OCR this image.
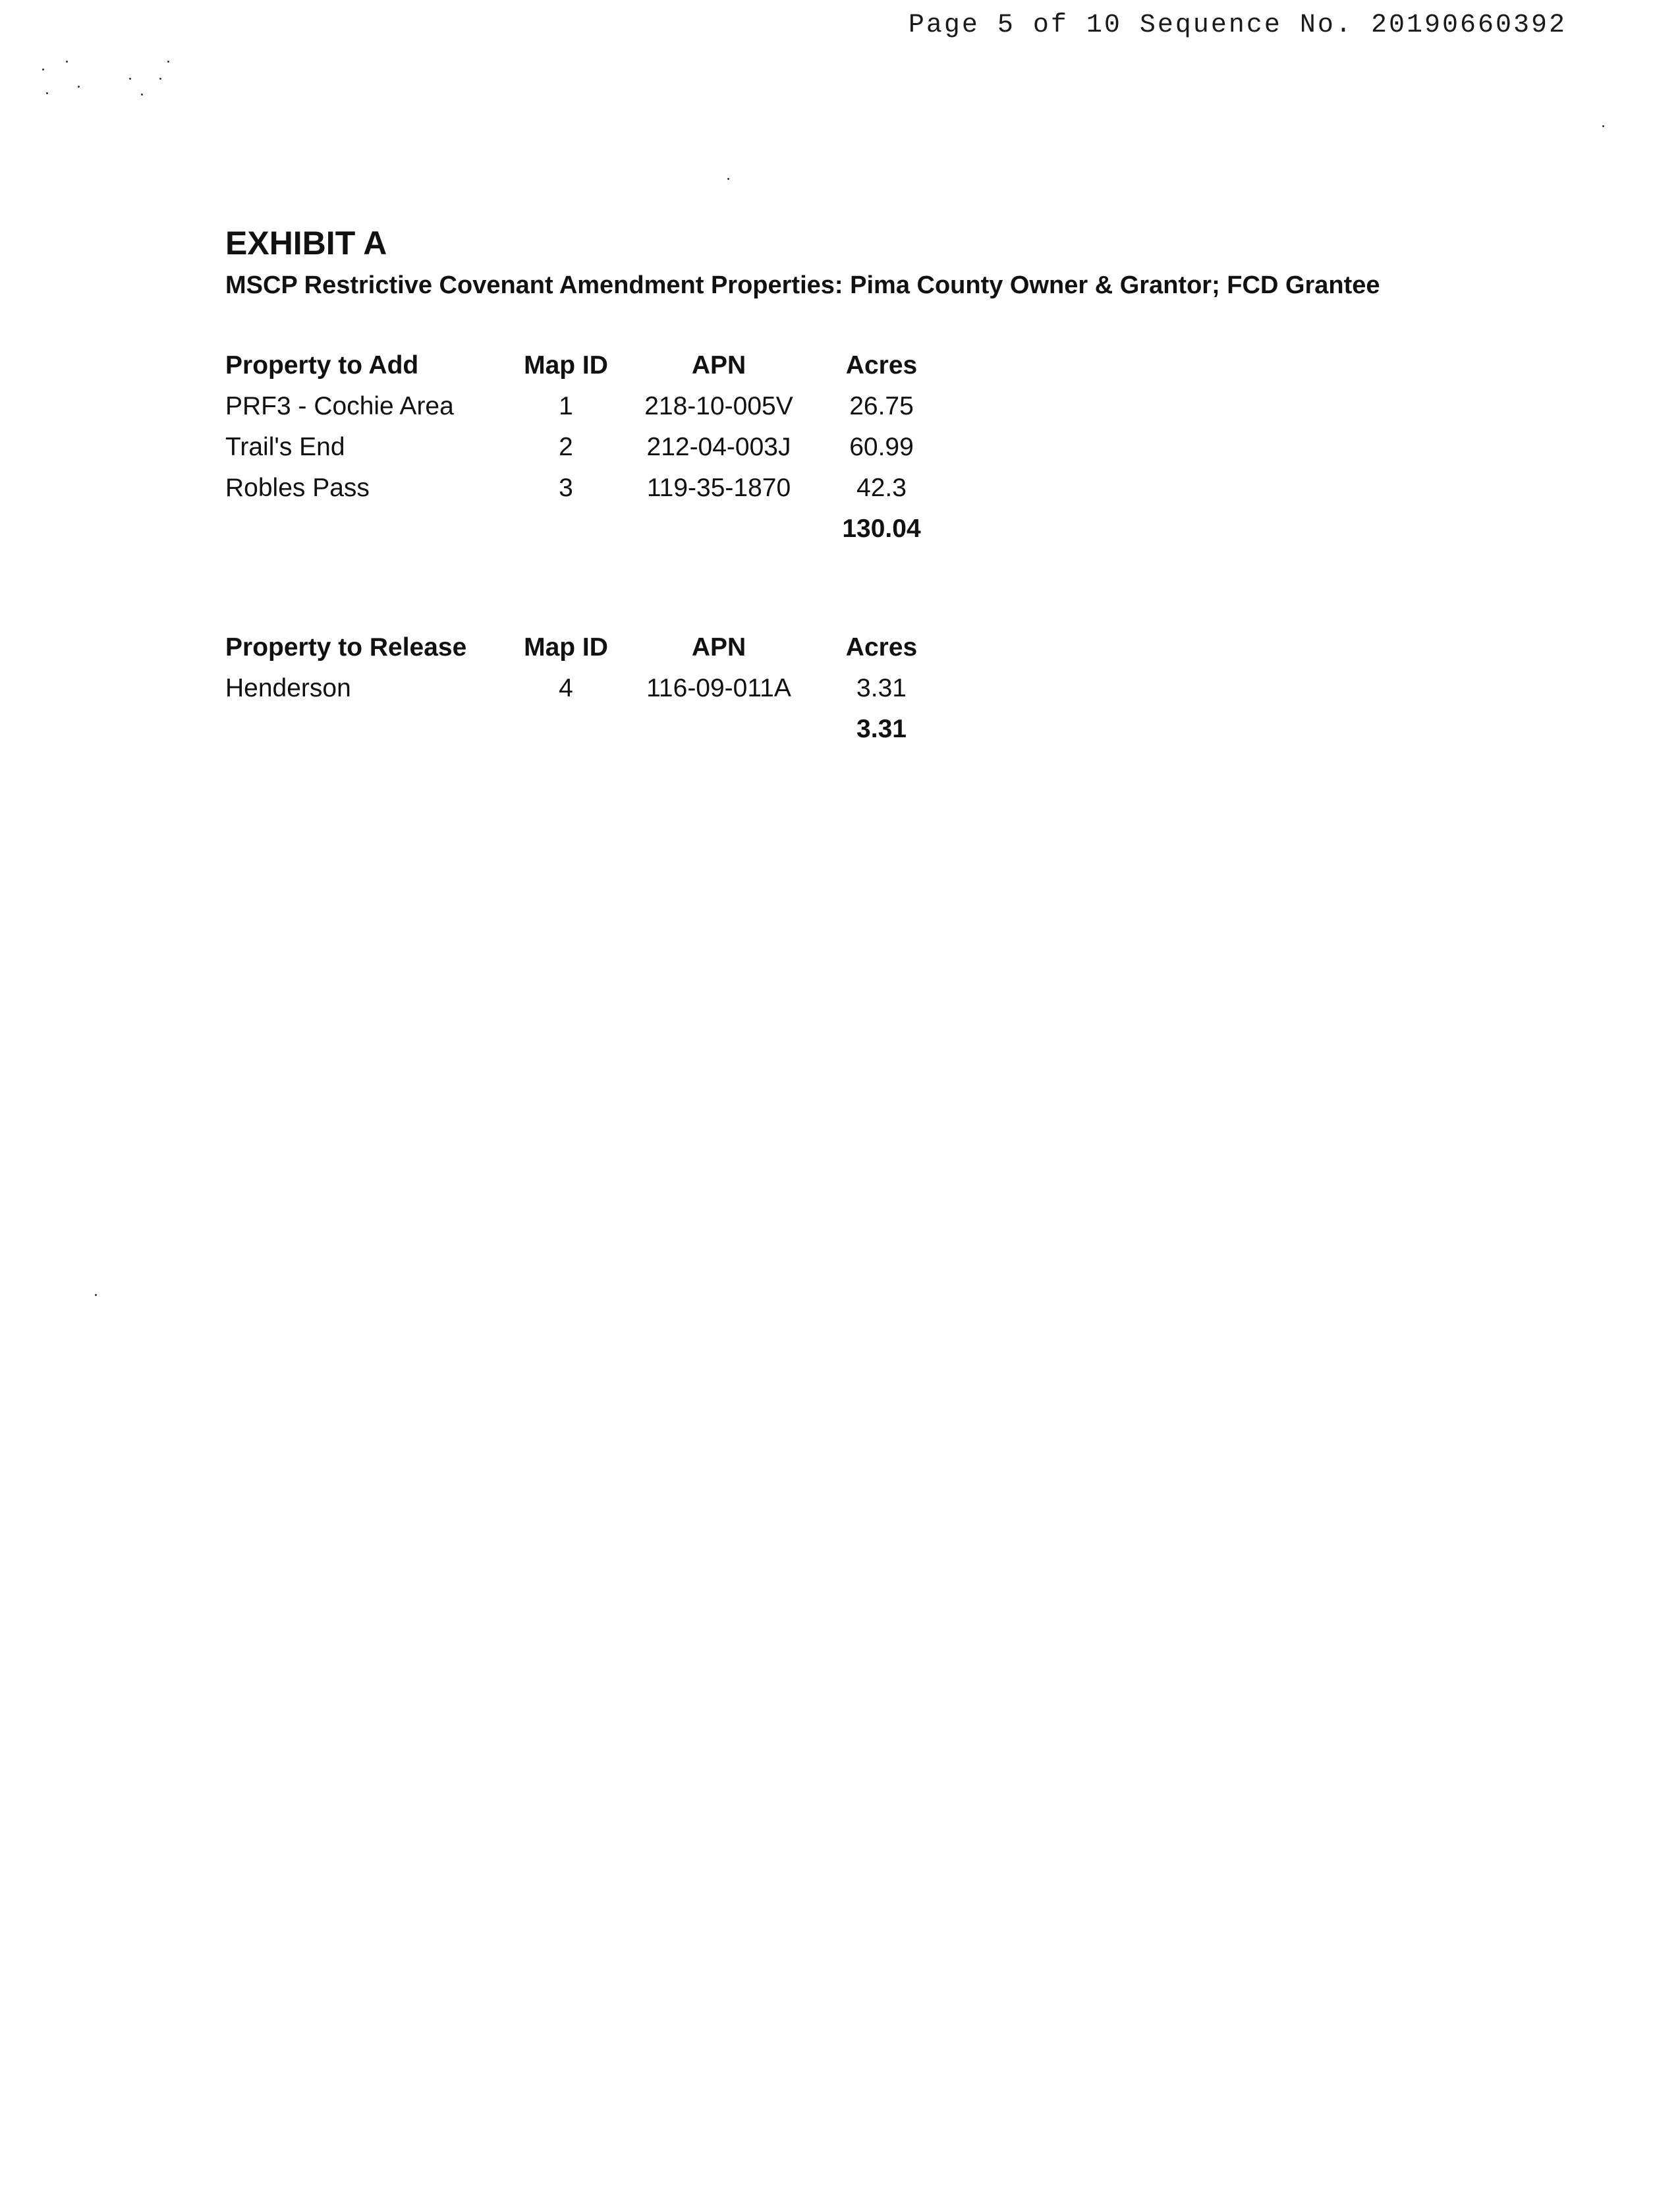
Page 5 of 10 Sequence No. 20190660392
EXHIBIT A
MSCP Restrictive Covenant Amendment Properties: Pima County Owner & Grantor; FCD Grantee
Property to Add	Map ID	APN	Acres
PRF3 - Cochie Area	1	218-10-005V	26.75
Trail's End	2	212-04-003J	60.99
Robles Pass	3	119-35-1870	42.3
			130.04
Property to Release	Map ID	APN	Acres
Henderson	4	116-09-011A	3.31
			3.31
